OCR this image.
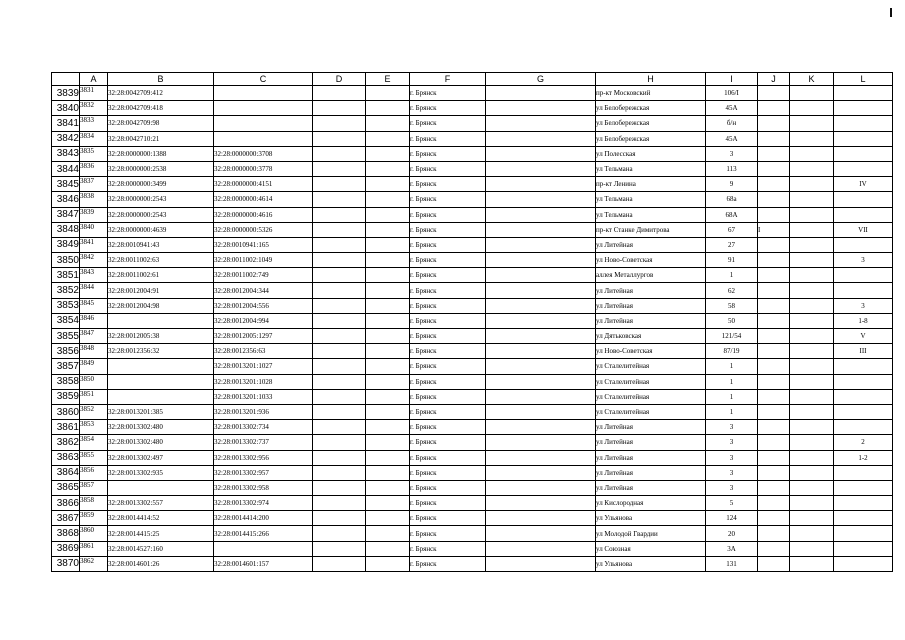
	A	B	C	D	E	F	G	H	I	J	K	L
3839	3831	32:28:0042709:412				г. Брянск		пр-кт Московский	106/I			
3840	3832	32:28:0042709:418				г. Брянск		ул Белобережская	45А			
3841	3833	32:28:0042709:98				г. Брянск		ул Белобережская	б/н			
3842	3834	32:28:0042710:21				г. Брянск		ул Белобережская	45А			
3843	3835	32:28:0000000:1388	32:28:0000000:3708			г. Брянск		ул Полесская	3			
3844	3836	32:28:0000000:2538	32:28:0000000:3778			г. Брянск		ул Тельмана	113			
3845	3837	32:28:0000000:3499	32:28:0000000:4151			г. Брянск		пр-кт Ленина	9			IV
3846	3838	32:28:0000000:2543	32:28:0000000:4614			г. Брянск		ул Тельмана	68а			
3847	3839	32:28:0000000:2543	32:28:0000000:4616			г. Брянск		ул Тельмана	68А			
3848	3840	32:28:0000000:4639	32:28:0000000:5326			г. Брянск		пр-кт Станке Димитрова	67	I		VII
3849	3841	32:28:0010941:43	32:28:0010941:165			г. Брянск		ул Литейная	27			
3850	3842	32:28:0011002:63	32:28:0011002:1049			г. Брянск		ул Ново-Советская	91			3
3851	3843	32:28:0011002:61	32:28:0011002:749			г. Брянск		аллея Металлургов	1			
3852	3844	32:28:0012004:91	32:28:0012004:344			г. Брянск		ул Литейная	62			
3853	3845	32:28:0012004:98	32:28:0012004:556			г. Брянск		ул Литейная	58			3
3854	3846		32:28:0012004:994			г. Брянск		ул Литейная	50			1-8
3855	3847	32:28:0012005:38	32:28:0012005:1297			г. Брянск		ул Дятьковская	121/54			V
3856	3848	32:28:0012356:32	32:28:0012356:63			г. Брянск		ул Ново-Советская	87/19			III
3857	3849		32:28:0013201:1027			г. Брянск		ул Сталелитейная	1			
3858	3850		32:28:0013201:1028			г. Брянск		ул Сталелитейная	1			
3859	3851		32:28:0013201:1033			г. Брянск		ул Сталелитейная	1			
3860	3852	32:28:0013201:385	32:28:0013201:936			г. Брянск		ул Сталелитейная	1			
3861	3853	32:28:0013302:480	32:28:0013302:734			г. Брянск		ул Литейная	3			
3862	3854	32:28:0013302:480	32:28:0013302:737			г. Брянск		ул Литейная	3			2
3863	3855	32:28:0013302:497	32:28:0013302:956			г. Брянск		ул Литейная	3			1-2
3864	3856	32:28:0013302:935	32:28:0013302:957			г. Брянск		ул Литейная	3			
3865	3857		32:28:0013302:958			г. Брянск		ул Литейная	3			
3866	3858	32:28:0013302:557	32:28:0013302:974			г. Брянск		ул Кислородная	5			
3867	3859	32:28:0014414:52	32:28:0014414:200			г. Брянск		ул Ульянова	124			
3868	3860	32:28:0014415:25	32:28:0014415:266			г. Брянск		ул Молодой Гвардии	20			
3869	3861	32:28:0014527:160				г. Брянск		ул Союзная	3А			
3870	3862	32:28:0014601:26	32:28:0014601:157			г. Брянск		ул Ульянова	131			
